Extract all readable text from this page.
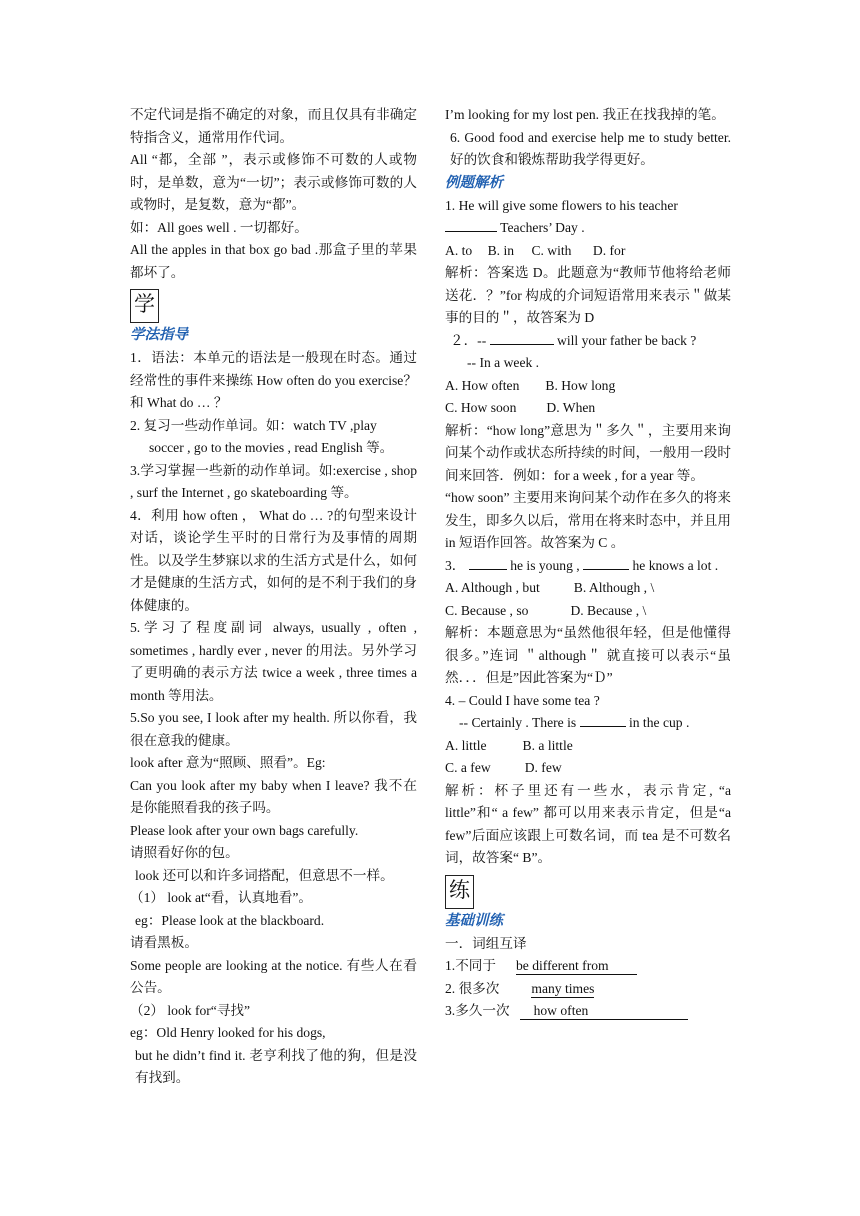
不定代词是指不确定的对象，而且仅具有非确定特指含义，通常用作代词。

All “都，全部 ”，表示或修饰不可数的人或物时，是单数，意为“一切”；表示或修饰可数的人或物时，是复数，意为“都”。

如：All goes well . 一切都好。

All the apples in that box go bad .那盒子里的苹果都坏了。

学

学法指导

1．语法：本单元的语法是一般现在时态。通过经常性的事件来操练 How often do you exercise？和 What do … ？

2. 复习一些动作单词。如：watch TV ,play

soccer , go to the movies , read English 等。

3.学习掌握一些新的动作单词。如:exercise , shop , surf the Internet , go skateboarding 等。

4．利用 how often ， What do … ?的句型来设计对话，谈论学生平时的日常行为及事情的周期性。以及学生梦寐以求的生活方式是什么，如何才是健康的生活方式，如何的是不利于我们的身体健康的。

5.学习了程度副词 always, usually , often , sometimes , hardly ever , never 的用法。另外学习了更明确的表示方法 twice a week , three times a month 等用法。

5.So you see, I look after my health. 所以你看，我很在意我的健康。

look after 意为“照顾、照看”。Eg:

Can you look after my baby when I leave? 我不在是你能照看我的孩子吗。

Please look after your own bags carefully.

请照看好你的包。

look 还可以和许多词搭配，但意思不一样。

（1） look at“看，认真地看”。

eg：Please look at the blackboard.

请看黑板。

Some people are looking at the notice. 有些人在看公告。

（2） look for“寻找”

eg：Old Henry looked for his dogs,

but he didn’t find it. 老亨利找了他的狗，但是没有找到。

I’m looking for my lost pen. 我正在找我掉的笔。

6. Good food and exercise help me to study better. 好的饮食和锻炼帮助我学得更好。

例题解析

1. He will give some flowers to his teacher

Teachers’ Day .

A. to B. in C. with D. for

解析：答案选 D。此题意为“教师节他将给老师送花．？”for 构成的介词短语常用来表示＂做某事的目的＂，故答案为 D

２．--	will your father be back ?

-- In a week .

A. How often B. How long

C. How soon D. When

解析：“how long”意思为＂多久＂，主要用来询问某个动作或状态所持续的时间，一般用一段时间来回答．例如：for a week , for a year 等。

“how soon” 主要用来询问某个动作在多久的将来发生，即多久以后，常用在将来时态中，并且用 in 短语作回答。故答案为 C 。

3．	he is young ,	he knows a lot .

A. Although , but	B. Although , \

C. Because , so	D. Because , \

解析：本题意思为“虽然他很年轻，但是他懂得很多。”连词 ＂although＂ 就直接可以表示“虽然．．．但是”因此答案为“Ｄ”

4. – Could I have some tea ?

-- Certainly . There is	in the cup .

A. little	B. a little

C. a few	D. few

解析：杯子里还有一些水，表示肯定, “a little”和“ a few” 都可以用来表示肯定，但是“a few”后面应该跟上可数名词，而 tea 是不可数名词，故答案“ B”。

练

基础训练

一．词组互译

1.不同于 be different from

2. 很多次 many times

3.多久一次 how often
